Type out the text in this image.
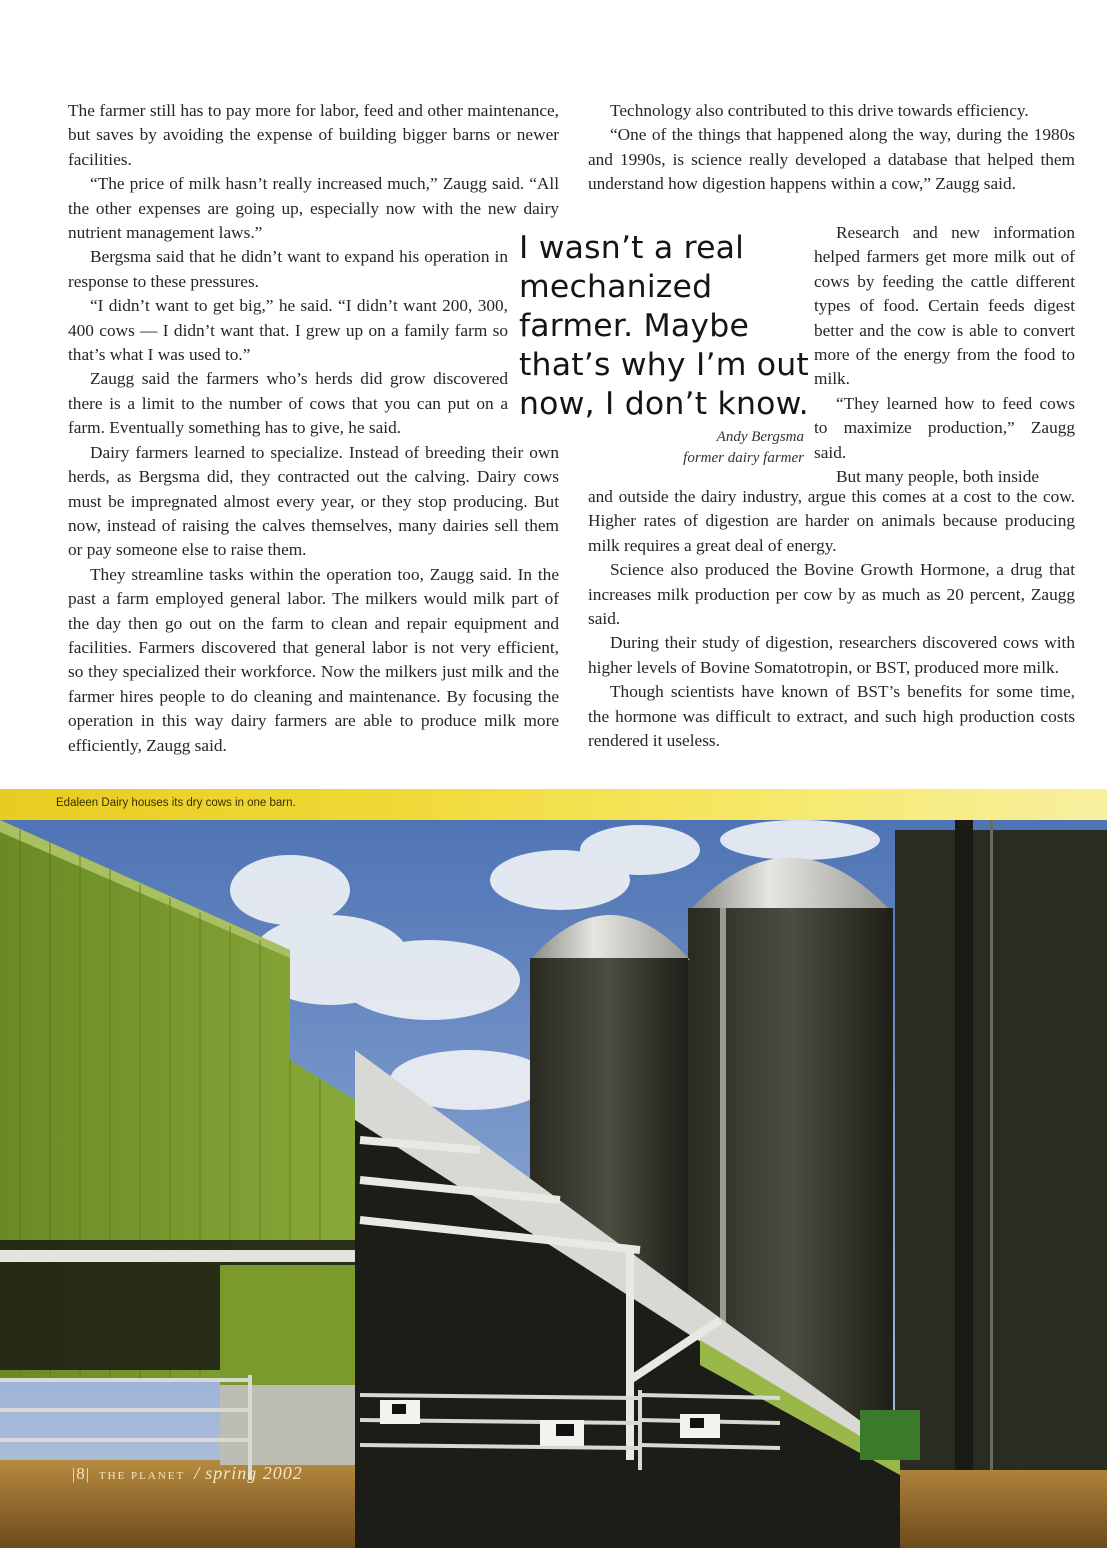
The farmer still has to pay more for labor, feed and other maintenance, but saves by avoiding the expense of building bigger barns or newer facilities.

“The price of milk hasn’t really increased much,” Zaugg said. “All the other expenses are going up, especially now with the new dairy nutrient management laws.”

Bergsma said that he didn’t want to expand his operation in response to these pressures.

“I didn’t want to get big,” he said. “I didn’t want 200, 300, 400 cows — I didn’t want that. I grew up on a family farm so that’s what I was used to.”

Zaugg said the farmers who’s herds did grow discovered there is a limit to the number of cows that you can put on a farm. Eventually something has to give, he said.

Dairy farmers learned to specialize. Instead of breeding their own herds, as Bergsma did, they contracted out the calving. Dairy cows must be impregnated almost every year, or they stop producing. But now, instead of raising the calves themselves, many dairies sell them or pay someone else to raise them.

They streamline tasks within the operation too, Zaugg said. In the past a farm employed general labor. The milkers would milk part of the day then go out on the farm to clean and repair equipment and facilities. Farmers discovered that general labor is not very efficient, so they specialized their workforce. Now the milkers just milk and the farmer hires people to do cleaning and maintenance. By focusing the operation in this way dairy farmers are able to produce milk more efficiently, Zaugg said.

Technology also contributed to this drive towards efficiency.

“One of the things that happened along the way, during the 1980s and 1990s, is science really developed a database that helped them understand how digestion happens within a cow,” Zaugg said.

Research and new information helped farmers get more milk out of cows by feeding the cattle different types of food. Certain feeds digest better and the cow is able to convert more of the energy from the food to milk.

“They learned how to feed cows to maximize production,” Zaugg said.

But many people, both inside

and outside the dairy industry, argue this comes at a cost to the cow. Higher rates of digestion are harder on animals because producing milk requires a great deal of energy.

Science also produced the Bovine Growth Hormone, a drug that increases milk production per cow by as much as 20 percent, Zaugg said.

During their study of digestion, researchers discovered cows with higher levels of Bovine Somatotropin, or BST, produced more milk.

Though scientists have known of BST’s benefits for some time, the hormone was difficult to extract, and such high production costs rendered it useless.

I wasn’t a real mechanized farmer. Maybe that’s why I’m out now, I don’t know.
Andy Bergsma
former dairy farmer
Edaleen Dairy houses its dry cows in one barn.
|8| THE PLANET / spring 2002
